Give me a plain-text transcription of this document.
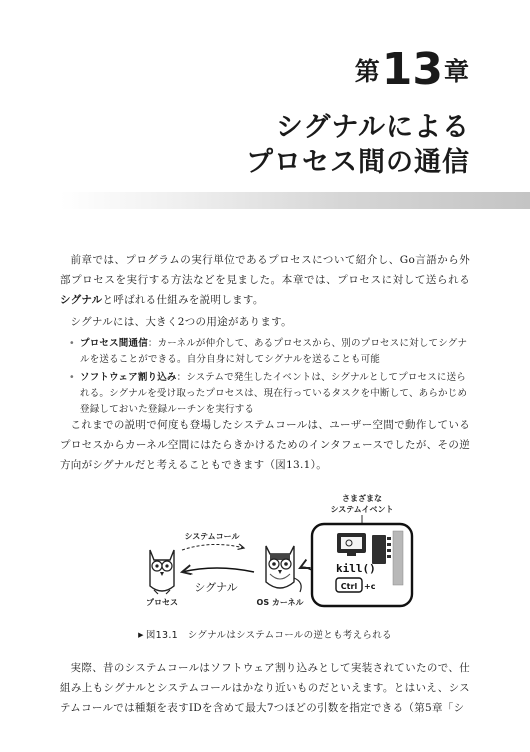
第13章
シグナルによる
プロセス間の通信

前章では、プログラムの実行単位であるプロセスについて紹介し、Go言語から外部プロセスを実行する方法などを見ました。本章では、プロセスに対して送られるシグナルと呼ばれる仕組みを説明します。

シグナルには、大きく2つの用途があります。

• プロセス間通信：カーネルが仲介して、あるプロセスから、別のプロセスに対してシグナルを送ることができる。自分自身に対してシグナルを送ることも可能
• ソフトウェア割り込み：システムで発生したイベントは、シグナルとしてプロセスに送られる。シグナルを受け取ったプロセスは、現在行っているタスクを中断して、あらかじめ登録しておいた登録ルーチンを実行する

これまでの説明で何度も登場したシステムコールは、ユーザー空間で動作しているプロセスからカーネル空間にはたらきかけるためのインタフェースでしたが、その逆方向がシグナルだと考えることもできます（図13.1）。

さまざまな
システムイベント
kill()
Ctrl +c
プロセス	OS カーネル
システムコール
シグナル
▶ 図13.1　シグナルはシステムコールの逆とも考えられる

実際、昔のシステムコールはソフトウェア割り込みとして実装されていたので、仕組み上もシグナルとシステムコールはかなり近いものだといえます。とはいえ、システムコールでは種類を表すIDを含めて最大7つほどの引数を指定できる（第5章「シ
